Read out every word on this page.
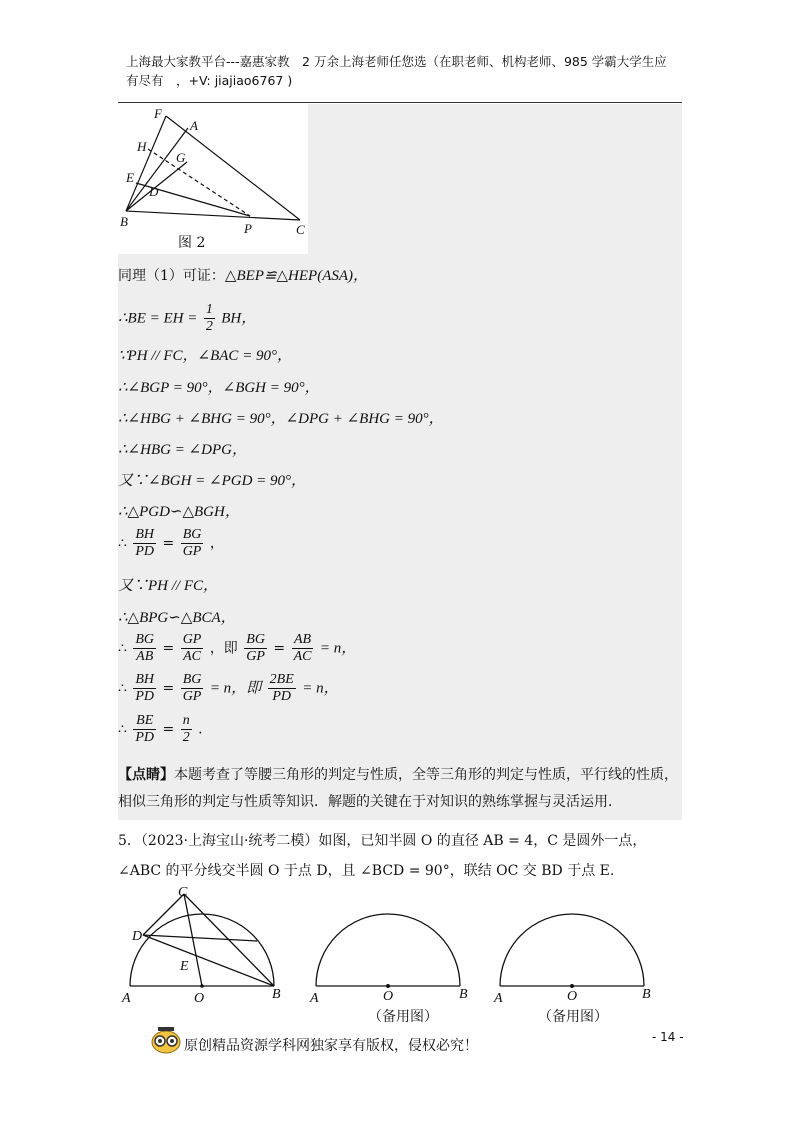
上海最大家教平台---嘉惠家教　2 万余上海老师任您选（在职老师、机构老师、985 学霸大学生应有尽有　，+V: jiajiao6767 )
F
A
H
G
E
D
B	P	C
图 2
同理（1）可证：△BEP≌△HEP(ASA)，
∴BE = EH = $\frac{1}{2}$ BH，
∵PH // FC，∠BAC = 90°，
∴∠BGP = 90°，∠BGH = 90°，
∴∠HBG + ∠BHG = 90°，∠DPG + ∠BHG = 90°，
∴∠HBG = ∠DPG，
又∵∠BGH = ∠PGD = 90°，
∴△PGD∽△BGH，
∴ $\frac{BH}{PD} = \frac{BG}{GP}$ ，
又∵PH // FC，
∴△BPG∽△BCA，
∴ $\frac{BG}{AB} = \frac{GP}{AC}$ ，即 $\frac{BG}{GP} = \frac{AB}{AC} = n$，
∴ $\frac{BH}{PD} = \frac{BG}{GP} = n$，即 $\frac{2BE}{PD} = n$，
∴ $\frac{BE}{PD} = \frac{n}{2}$ .
【点睛】本题考查了等腰三角形的判定与性质，全等三角形的判定与性质，平行线的性质，相似三角形的判定与性质等知识．解题的关键在于对知识的熟练掌握与灵活运用．
5．（2023·上海宝山·统考二模）如图，已知半圆 O 的直径 AB = 4，C 是圆外一点，∠ABC 的平分线交半圆 O 于点 D，且 ∠BCD = 90°，联结 OC 交 BD 于点 E.
C
D
E
A	O	B A	O	B A	O	B
（备用图）	（备用图）
原创精品资源学科网独家享有版权，侵权必究！
- 14 -
